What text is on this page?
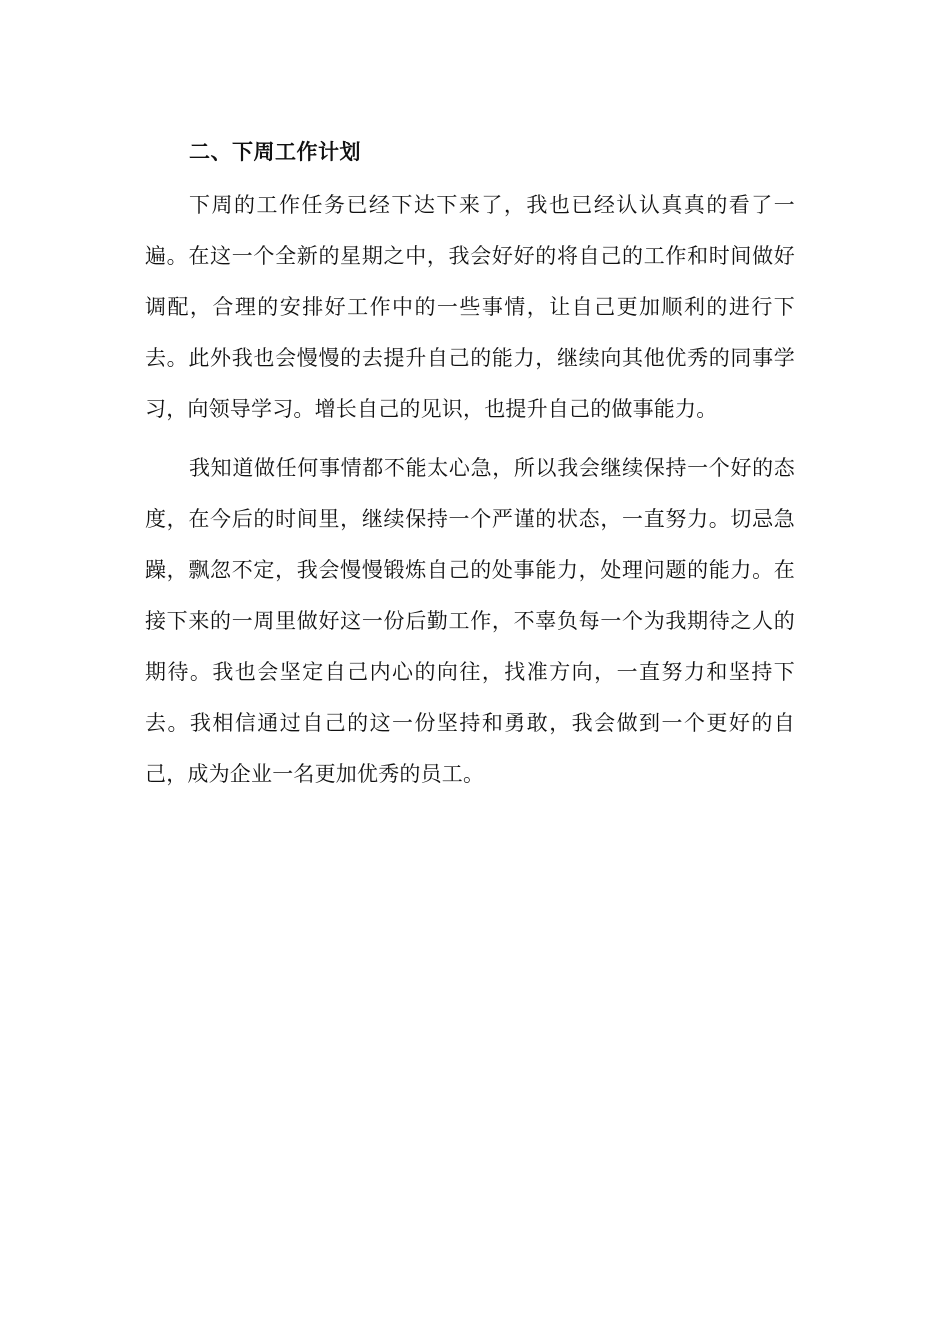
二、下周工作计划

下周的工作任务已经下达下来了，我也已经认认真真的看了一遍。在这一个全新的星期之中，我会好好的将自己的工作和时间做好调配，合理的安排好工作中的一些事情，让自己更加顺利的进行下去。此外我也会慢慢的去提升自己的能力，继续向其他优秀的同事学习，向领导学习。增长自己的见识，也提升自己的做事能力。

我知道做任何事情都不能太心急，所以我会继续保持一个好的态度，在今后的时间里，继续保持一个严谨的状态，一直努力。切忌急躁，飘忽不定，我会慢慢锻炼自己的处事能力，处理问题的能力。在接下来的一周里做好这一份后勤工作，不辜负每一个为我期待之人的期待。我也会坚定自己内心的向往，找准方向，一直努力和坚持下去。我相信通过自己的这一份坚持和勇敢，我会做到一个更好的自己，成为企业一名更加优秀的员工。
